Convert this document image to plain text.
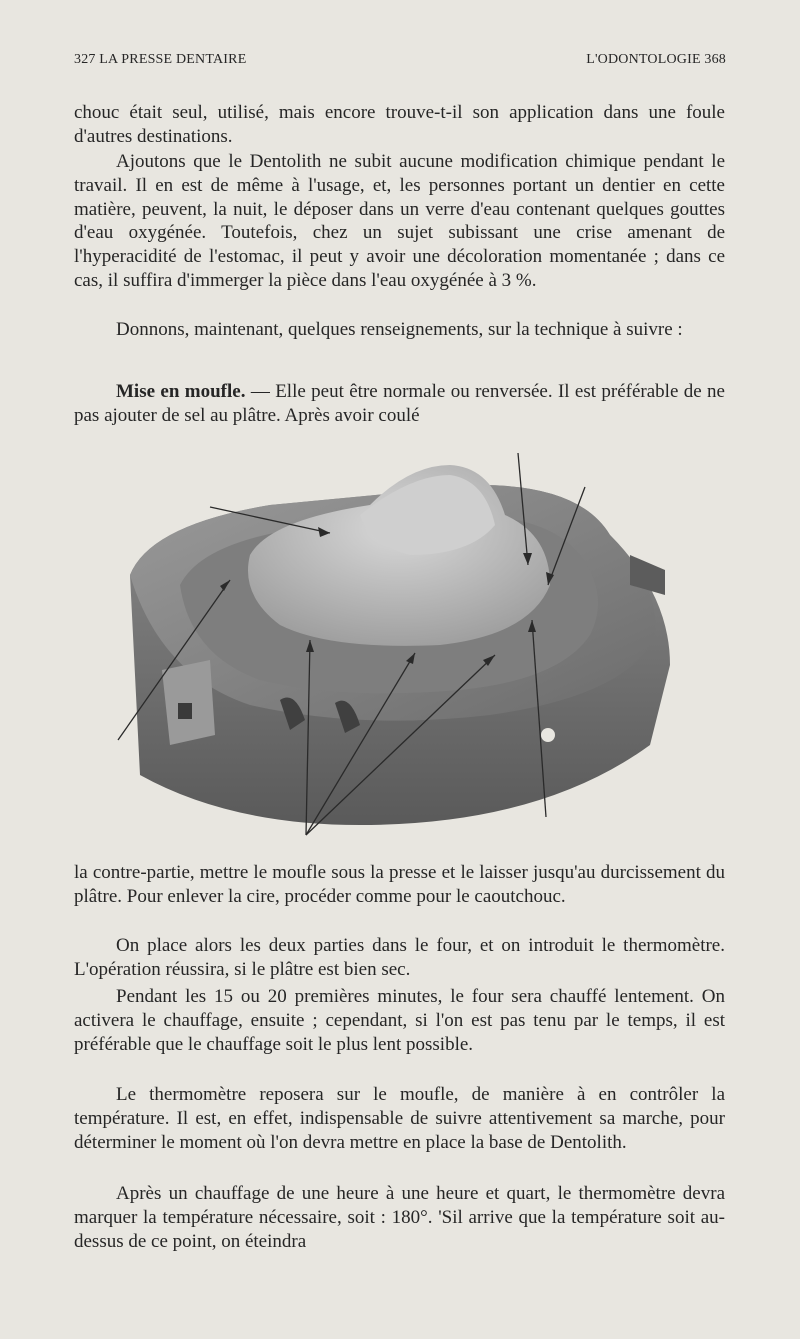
327 LA PRESSE DENTAIRE	L'ODONTOLOGIE 368

chouc était seul, utilisé, mais encore trouve-t-il son application dans une foule d'autres destinations.

Ajoutons que le Dentolith ne subit aucune modification chimique pendant le travail. Il en est de même à l'usage, et, les personnes portant un dentier en cette matière, peuvent, la nuit, le déposer dans un verre d'eau contenant quelques gouttes d'eau oxygénée. Toutefois, chez un sujet subissant une crise amenant de l'hyperacidité de l'estomac, il peut y avoir une décoloration momentanée ; dans ce cas, il suffira d'immerger la pièce dans l'eau oxygénée à 3 %.

Donnons, maintenant, quelques renseignements, sur la technique à suivre :

Mise en moufle. — Elle peut être normale ou renversée. Il est préférable de ne pas ajouter de sel au plâtre. Après avoir coulé

la contre-partie, mettre le moufle sous la presse et le laisser jusqu'au durcissement du plâtre. Pour enlever la cire, procéder comme pour le caoutchouc.

On place alors les deux parties dans le four, et on introduit le thermomètre. L'opération réussira, si le plâtre est bien sec.

Pendant les 15 ou 20 premières minutes, le four sera chauffé lentement. On activera le chauffage, ensuite ; cependant, si l'on est pas tenu par le temps, il est préférable que le chauffage soit le plus lent possible.

Le thermomètre reposera sur le moufle, de manière à en contrôler la température. Il est, en effet, indispensable de suivre attentivement sa marche, pour déterminer le moment où l'on devra mettre en place la base de Dentolith.

Après un chauffage de une heure à une heure et quart, le thermomètre devra marquer la température nécessaire, soit : 180°. 'Sil arrive que la température soit au-dessus de ce point, on éteindra
